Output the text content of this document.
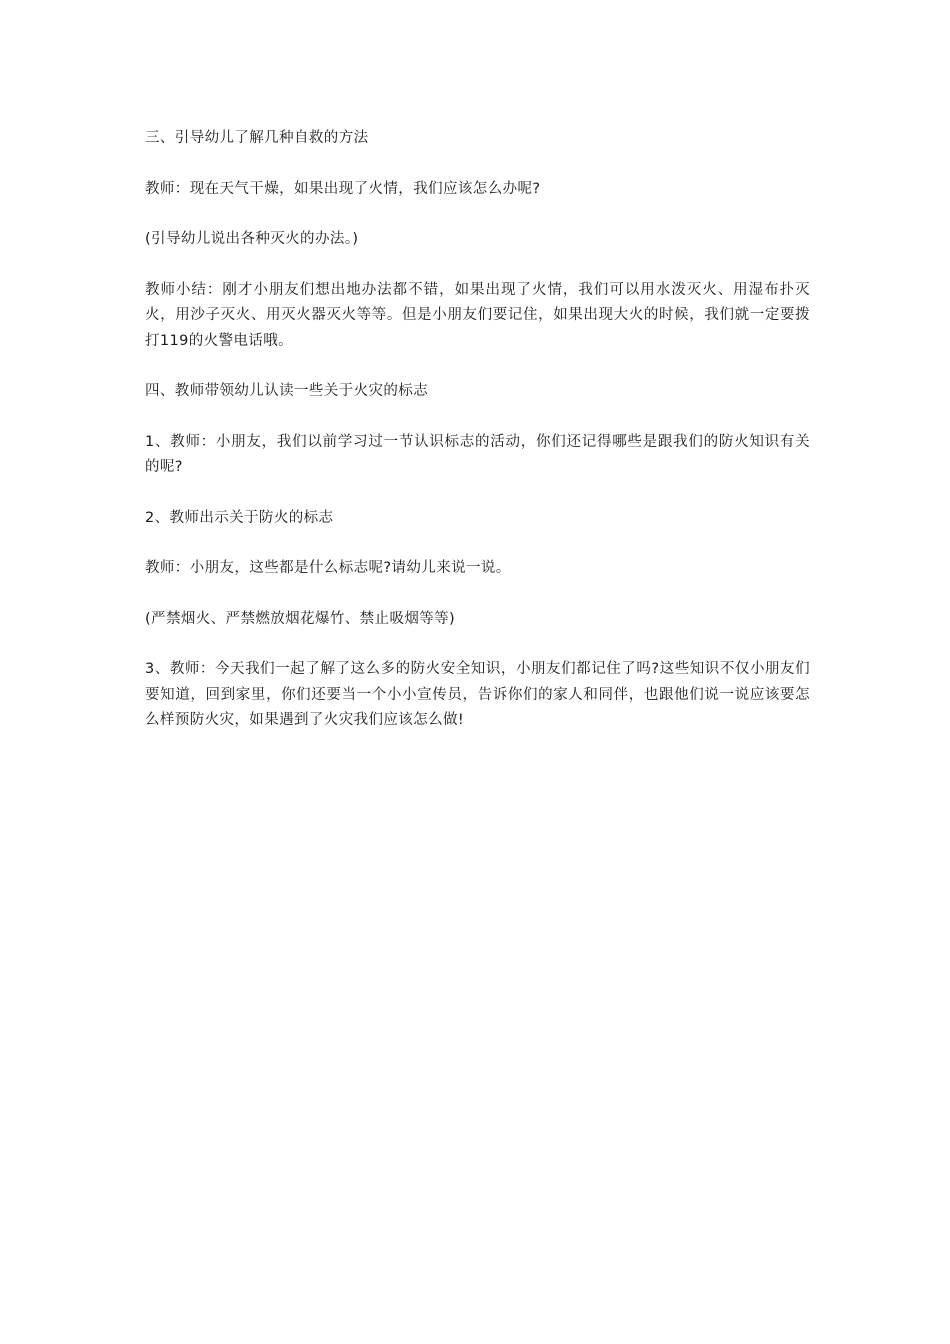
三、引导幼儿了解几种自救的方法

教师：现在天气干燥，如果出现了火情，我们应该怎么办呢?

(引导幼儿说出各种灭火的办法。)

教师小结：刚才小朋友们想出地办法都不错，如果出现了火情，我们可以用水泼灭火、用湿布扑灭火，用沙子灭火、用灭火器灭火等等。但是小朋友们要记住，如果出现大火的时候，我们就一定要拨打119的火警电话哦。

四、教师带领幼儿认读一些关于火灾的标志

1、教师：小朋友，我们以前学习过一节认识标志的活动，你们还记得哪些是跟我们的防火知识有关的呢?

2、教师出示关于防火的标志

教师：小朋友，这些都是什么标志呢?请幼儿来说一说。

(严禁烟火、严禁燃放烟花爆竹、禁止吸烟等等)

3、教师：今天我们一起了解了这么多的防火安全知识，小朋友们都记住了吗?这些知识不仅小朋友们要知道，回到家里，你们还要当一个小小宣传员，告诉你们的家人和同伴，也跟他们说一说应该要怎么样预防火灾，如果遇到了火灾我们应该怎么做!
